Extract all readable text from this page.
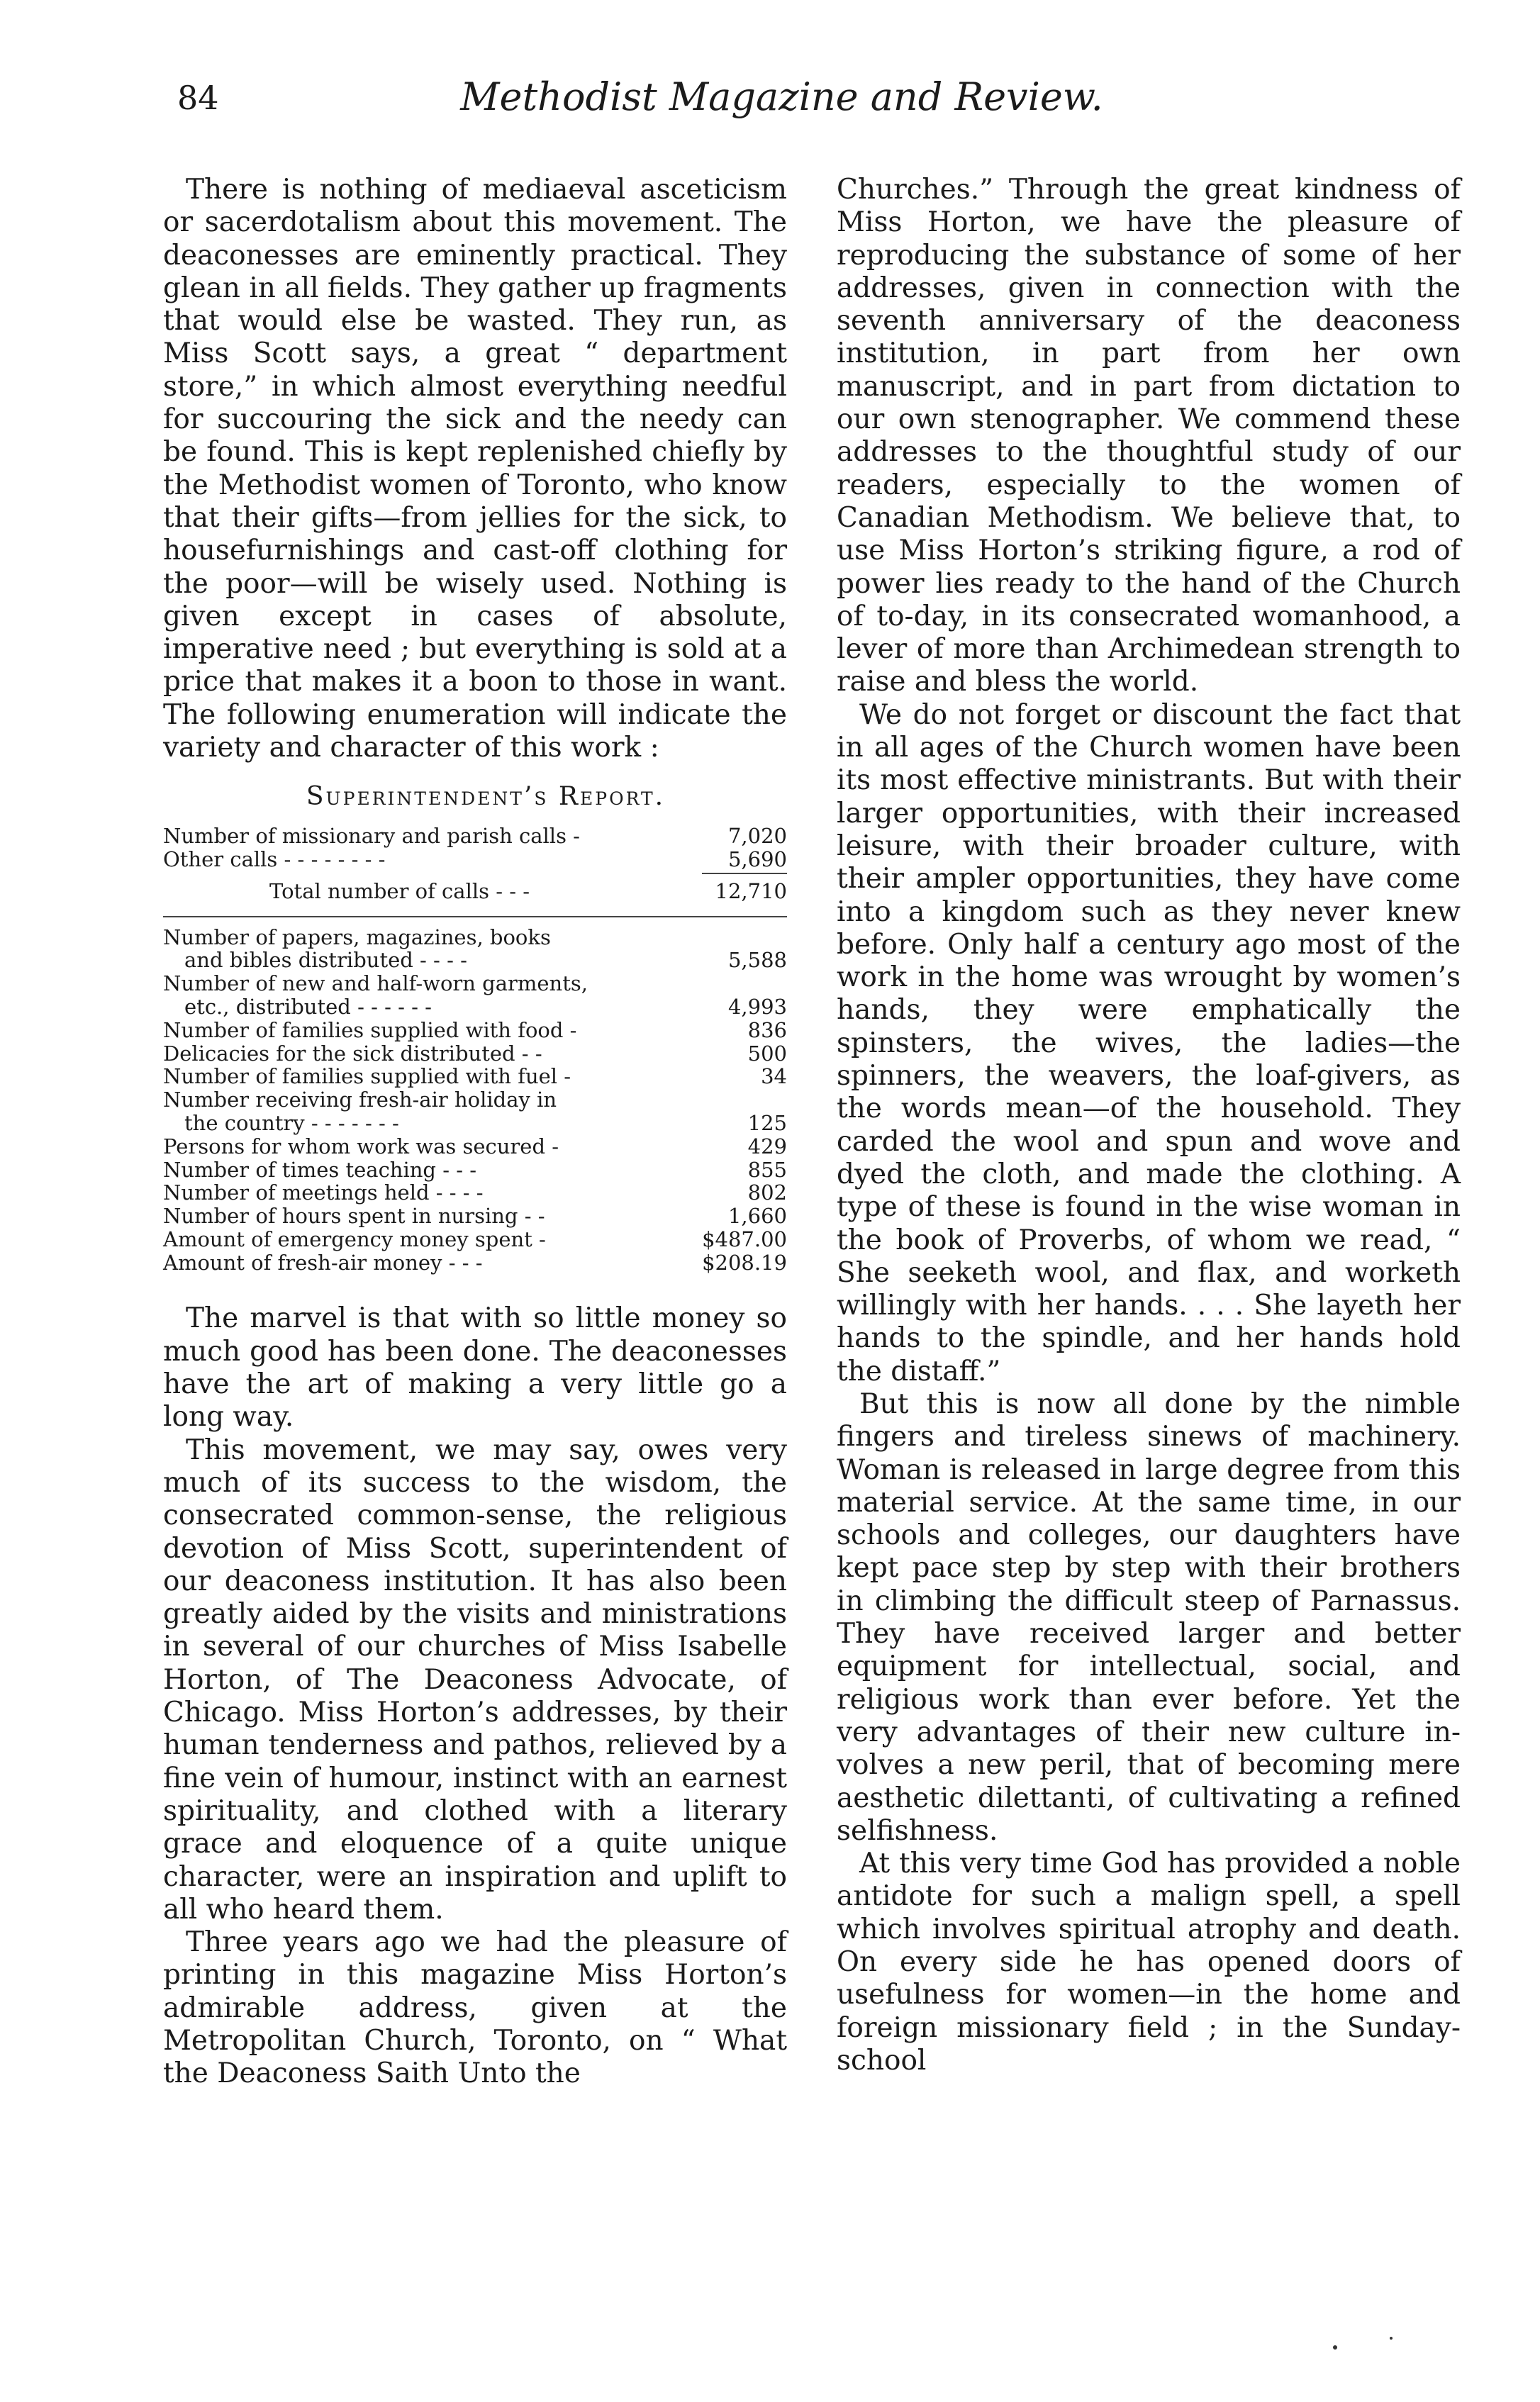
84	Methodist Magazine and Review.

There is nothing of mediaeval asceticism or sacerdotalism about this movement. The deaconesses are eminently practical. They glean in all fields. They gather up fragments that would else be wasted. They run, as Miss Scott says, a great “ department store,” in which almost everything needful for succouring the sick and the needy can be found. This is kept replenished chiefly by the Methodist women of Toronto, who know that their gifts—from jellies for the sick, to housefurnishings and cast-off clothing for the poor—will be wisely used. Nothing is given except in cases of absolute, imperative need ; but everything is sold at a price that makes it a boon to those in want. The following enumeration will indicate the variety and character of this work :

Superintendent’s Report.
Number of missionary and parish calls -	7,020
Other calls - - - - - - - -	5,690
Total number of calls - - -	12,710
Number of papers, magazines, books
and bibles distributed - - - -	5,588
Number of new and half-worn garments,
etc., distributed - - - - - -	4,993
Number of families supplied with food -	836
Delicacies for the sick distributed - -	500
Number of families supplied with fuel -	34
Number receiving fresh-air holiday in
the country - - - - - - -	125
Persons for whom work was secured -	429
Number of times teaching - - -	855
Number of meetings held - - - -	802
Number of hours spent in nursing - -	1,660
Amount of emergency money spent -	$487.00
Amount of fresh-air money - - -	$208.19

The marvel is that with so little money so much good has been done. The deaconesses have the art of making a very little go a long way.

This movement, we may say, owes very much of its success to the wisdom, the consecrated common-sense, the religious devotion of Miss Scott, superintendent of our deaconess institution. It has also been greatly aided by the visits and ministrations in several of our churches of Miss Isabelle Horton, of The Deaconess Advocate, of Chicago. Miss Horton’s addresses, by their human tenderness and pathos, relieved by a fine vein of humour, instinct with an earnest spirituality, and clothed with a literary grace and eloquence of a quite unique character, were an inspiration and uplift to all who heard them.

Three years ago we had the pleasure of printing in this magazine Miss Horton’s admirable address, given at the Metropolitan Church, Toronto, on “ What the Deaconess Saith Unto the

Churches.” Through the great kindness of Miss Horton, we have the pleasure of reproducing the substance of some of her addresses, given in connection with the seventh anniversary of the deaconess institution, in part from her own manuscript, and in part from dictation to our own stenographer. We commend these addresses to the thoughtful study of our readers, especially to the women of Canadian Methodism. We believe that, to use Miss Horton’s striking figure, a rod of power lies ready to the hand of the Church of to-day, in its consecrated womanhood, a lever of more than Archimedean strength to raise and bless the world.

We do not forget or discount the fact that in all ages of the Church women have been its most effective ministrants. But with their larger opportunities, with their increased leisure, with their broader culture, with their ampler opportunities, they have come into a kingdom such as they never knew before. Only half a century ago most of the work in the home was wrought by women’s hands, they were emphatically the spinsters, the wives, the ladies—the spinners, the weavers, the loaf-givers, as the words mean—of the household. They carded the wool and spun and wove and dyed the cloth, and made the clothing. A type of these is found in the wise woman in the book of Proverbs, of whom we read, “ She seeketh wool, and flax, and worketh willingly with her hands. . . . She layeth her hands to the spindle, and her hands hold the distaff.”

But this is now all done by the nimble fingers and tireless sinews of machinery. Woman is released in large degree from this material service. At the same time, in our schools and colleges, our daughters have kept pace step by step with their brothers in climbing the difficult steep of Parnassus. They have received larger and better equipment for intellectual, social, and religious work than ever before. Yet the very advantages of their new culture involves a new peril, that of becoming mere aesthetic dilettanti, of cultivating a refined selfishness.

At this very time God has provided a noble antidote for such a malign spell, a spell which involves spiritual atrophy and death. On every side he has opened doors of usefulness for women—in the home and foreign missionary field ; in the Sunday-school
